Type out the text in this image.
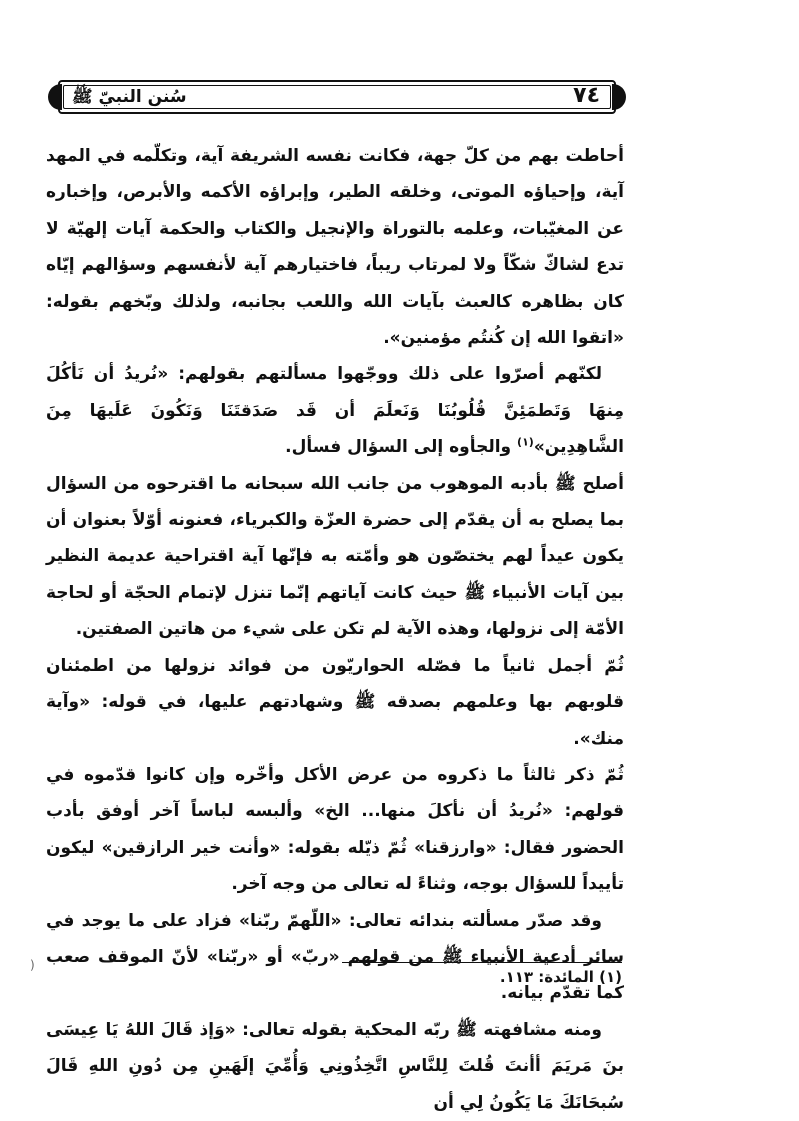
سُنن النبيّ ﷺ	٧٤

أحاطت بهم من كلّ جهة، فكانت نفسه الشريفة آية، وتكلّمه في المهد آية، وإحياؤه الموتى، وخلقه الطير، وإبراؤه الأكمه والأبرص، وإخباره عن المغيّبات، وعلمه بالتوراة والإنجيل والكتاب والحكمة آيات إلهيّة لا تدع لشاكّ شكّاً ولا لمرتاب ريباً، فاختيارهم آية لأنفسهم وسؤالهم إيّاه كان بظاهره كالعبث بآيات الله واللعب بجانبه، ولذلك وبّخهم بقوله: «اتقوا الله إن كُنتُم مؤمنين».

لكنّهم أصرّوا على ذلك ووجّهوا مسألتهم بقولهم: «نُريدُ أن نَأكُلَ مِنهَا وَتَطمَئِنَّ قُلُوبُنَا وَنَعلَمَ أن قَد صَدَقتَنَا وَنَكُونَ عَلَيهَا مِنَ الشَّاهِدِين»$^{(١)}$ والجأوه إلى السؤال فسأل.

أصلح ﷺ بأدبه الموهوب من جانب الله سبحانه ما اقترحوه من السؤال بما يصلح به أن يقدّم إلى حضرة العزّة والكبرياء، فعنونه أوّلاً بعنوان أن يكون عيداً لهم يختصّون هو وأمّته به فإنّها آية اقتراحية عديمة النظير بين آيات الأنبياء ﷺ حيث كانت آياتهم إنّما تنزل لإتمام الحجّة أو لحاجة الأمّة إلى نزولها، وهذه الآية لم تكن على شيء من هاتين الصفتين.

ثُمّ أجمل ثانياً ما فصّله الحواريّون من فوائد نزولها من اطمئنان قلوبهم بها وعلمهم بصدقه ﷺ وشهادتهم عليها، في قوله: «وآية منك».

ثُمّ ذكر ثالثاً ما ذكروه من عرض الأكل وأخّره وإن كانوا قدّموه في قولهم: «نُريدُ أن نأكلَ منها... الخ» وألبسه لباساً آخر أوفق بأدب الحضور فقال: «وارزقنا» ثُمّ ذيّله بقوله: «وأنت خير الرازقين» ليكون تأييداً للسؤال بوجه، وثناءً له تعالى من وجه آخر.

وقد صدّر مسألته بندائه تعالى: «اللّهمّ ربّنا» فزاد على ما يوجد في سائر أدعية الأنبياء ﷺ من قولهم «ربّ» أو «ربّنا» لأنّ الموقف صعب كما تقدّم بيانه.

ومنه مشافهته ﷺ ربّه المحكية بقوله تعالى: «وَإذ قَالَ اللهُ يَا عِيسَى بنَ مَريَمَ أأنتَ قُلتَ لِلنَّاسِ اتَّخِذُونِي وَأُمِّيَ إلَهَينِ مِن دُونِ اللهِ قَالَ سُبحَانَكَ مَا يَكُونُ لِي أن

(
(١) المائدة: ١١٣.
